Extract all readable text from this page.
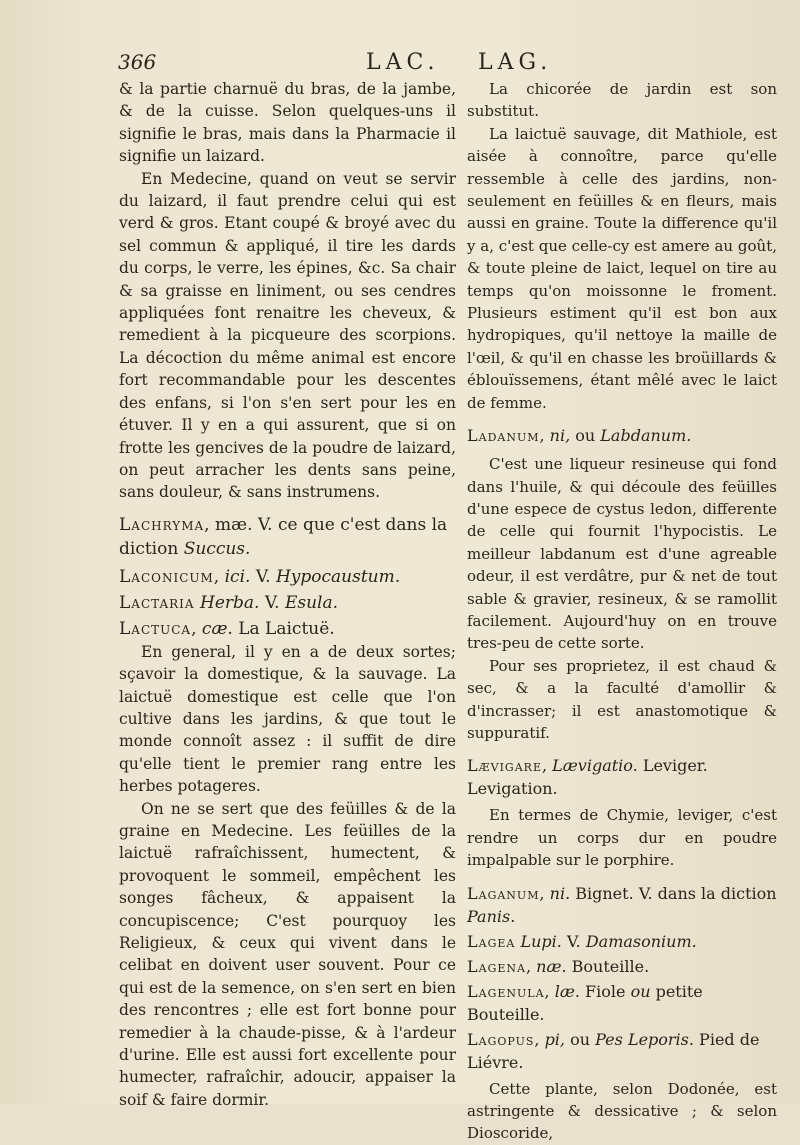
366	LAC. LAG.

& la partie charnuë du bras, de la jambe, & de la cuisse. Selon quelques-uns il signifie le bras, mais dans la Pharmacie il signifie un laizard.

En Medecine, quand on veut se servir du laizard, il faut prendre celui qui est verd & gros. Etant coupé & broyé avec du sel commun & appliqué, il tire les dards du corps, le verre, les épines, &c. Sa chair & sa graisse en liniment, ou ses cendres appliquées font renaitre les cheveux, & remedient à la picqueure des scorpions. La décoction du même animal est encore fort recommandable pour les descentes des enfans, si l'on s'en sert pour les en étuver. Il y en a qui assurent, que si on frotte les gencives de la poudre de laizard, on peut arracher les dents sans peine, sans douleur, & sans instrumens.

Lachryma, mæ. V. ce que c'est dans la diction Succus.

Laconicum, ici. V. Hypocaustum.

Lactaria Herba. V. Esula.

Lactuca, cæ. La Laictuë.

En general, il y en a de deux sortes; sçavoir la domestique, & la sauvage. La laictuë domestique est celle que l'on cultive dans les jardins, & que tout le monde connoît assez : il suffit de dire qu'elle tient le premier rang entre les herbes potageres.

On ne se sert que des feüilles & de la graine en Medecine. Les feüilles de la laictuë rafraîchissent, humectent, & provoquent le sommeil, empêchent les songes fâcheux, & appaisent la concupiscence; C'est pourquoy les Religieux, & ceux qui vivent dans le celibat en doivent user souvent. Pour ce qui est de la semence, on s'en sert en bien des rencontres ; elle est fort bonne pour remedier à la chaude-pisse, & à l'ardeur d'urine. Elle est aussi fort excellente pour humecter, rafraîchir, adoucir, appaiser la soif & faire dormir.

La chicorée de jardin est son substitut.

La laictuë sauvage, dit Mathiole, est aisée à connoître, parce qu'elle ressemble à celle des jardins, non-seulement en feüilles & en fleurs, mais aussi en graine. Toute la difference qu'il y a, c'est que celle-cy est amere au goût, & toute pleine de laict, lequel on tire au temps qu'on moissonne le froment. Plusieurs estiment qu'il est bon aux hydropiques, qu'il nettoye la maille de l'œil, & qu'il en chasse les broüillards & éblouïssemens, étant mêlé avec le laict de femme.

Ladanum, ni, ou Labdanum.

C'est une liqueur resineuse qui fond dans l'huile, & qui découle des feüilles d'une espece de cystus ledon, differente de celle qui fournit l'hypocistis. Le meilleur labdanum est d'une agreable odeur, il est verdâtre, pur & net de tout sable & gravier, resineux, & se ramollit facilement. Aujourd'huy on en trouve tres-peu de cette sorte.

Pour ses proprietez, il est chaud & sec, & a la faculté d'amollir & d'incrasser; il est anastomotique & suppuratif.

Lævigare, Lævigatio. Leviger. Levigation.

En termes de Chymie, leviger, c'est rendre un corps dur en poudre impalpable sur le porphire.

Laganum, ni. Bignet. V. dans la diction Panis.

Lagea Lupi. V. Damasonium.

Lagena, næ. Bouteille.

Lagenula, læ. Fiole ou petite Bouteille.

Lagopus, pi, ou Pes Leporis. Pied de Liévre.

Cette plante, selon Dodonée, est astringente & dessicative ; & selon Dioscoride,
